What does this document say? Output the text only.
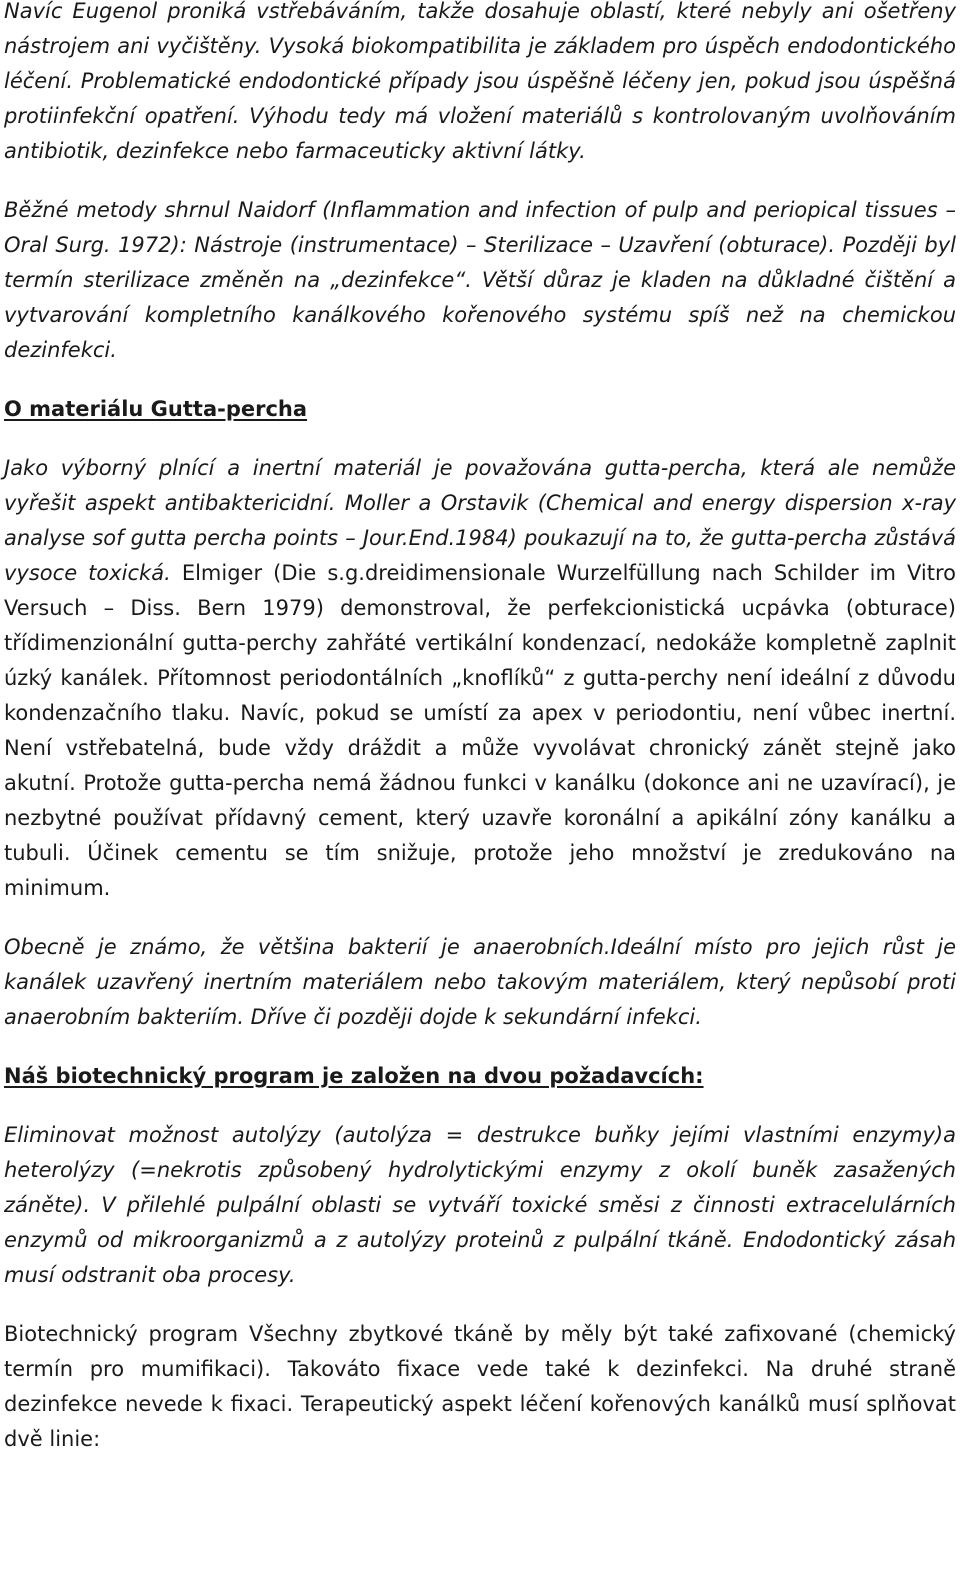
Navíc Eugenol proniká vstřebáváním, takže dosahuje oblastí, které nebyly ani ošetřeny nástrojem ani vyčištěny. Vysoká biokompatibilita je základem pro úspěch endodontického léčení. Problematické endodontické případy jsou úspěšně léčeny jen, pokud jsou úspěšná protiinfekční opatření. Výhodu tedy má vložení materiálů s kontrolovaným uvolňováním antibiotik, dezinfekce nebo farmaceuticky aktivní látky.

Běžné metody shrnul Naidorf (Inflammation and infection of pulp and periopical tissues – Oral Surg. 1972): Nástroje (instrumentace) – Sterilizace – Uzavření (obturace). Později byl termín sterilizace změněn na „dezinfekce“. Větší důraz je kladen na důkladné čištění a vytvarování kompletního kanálkového kořenového systému spíš než na chemickou dezinfekci.

O materiálu Gutta-percha

Jako výborný plnící a inertní materiál je považována gutta-percha, která ale nemůže vyřešit aspekt antibaktericidní. Moller a Orstavik (Chemical and energy dispersion x-ray analyse sof gutta percha points – Jour.End.1984) poukazují na to, že gutta-percha zůstává vysoce toxická. Elmiger (Die s.g.dreidimensionale Wurzelfüllung nach Schilder im Vitro Versuch – Diss. Bern 1979) demonstroval, že perfekcionistická ucpávka (obturace) třídimenzionální gutta-perchy zahřáté vertikální kondenzací, nedokáže kompletně zaplnit úzký kanálek. Přítomnost periodontálních „knoflíků“ z gutta-perchy není ideální z důvodu kondenzačního tlaku. Navíc, pokud se umístí za apex v periodontiu, není vůbec inertní. Není vstřebatelná, bude vždy dráždit a může vyvolávat chronický zánět stejně jako akutní. Protože gutta-percha nemá žádnou funkci v kanálku (dokonce ani ne uzavírací), je nezbytné používat přídavný cement, který uzavře koronální a apikální zóny kanálku a tubuli. Účinek cementu se tím snižuje, protože jeho množství je zredukováno na minimum.

Obecně je známo, že většina bakterií je anaerobních.Ideální místo pro jejich růst je kanálek uzavřený inertním materiálem nebo takovým materiálem, který nepůsobí proti anaerobním bakteriím. Dříve či později dojde k sekundární infekci.

Náš biotechnický program je založen na dvou požadavcích:

Eliminovat možnost autolýzy (autolýza = destrukce buňky jejími vlastními enzymy)a heterolýzy (=nekrotis způsobený hydrolytickými enzymy z okolí buněk zasažených záněte). V přilehlé pulpální oblasti se vytváří toxické směsi z činnosti extracelulárních enzymů od mikroorganizmů a z autolýzy proteinů z pulpální tkáně. Endodontický zásah musí odstranit oba procesy.

Biotechnický program Všechny zbytkové tkáně by měly být také zafixované (chemický termín pro mumifikaci). Takováto fixace vede také k dezinfekci. Na druhé straně dezinfekce nevede k fixaci. Terapeutický aspekt léčení kořenových kanálků musí splňovat dvě linie:
